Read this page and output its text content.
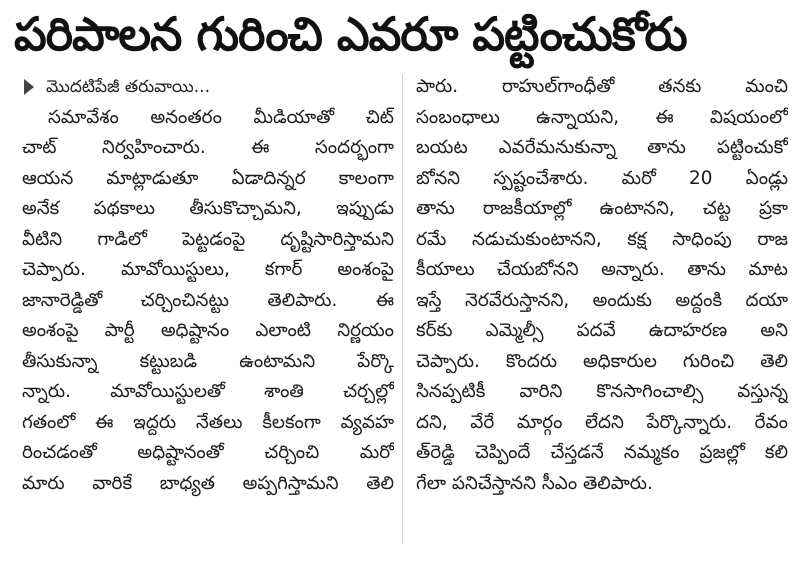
పరిపాలన గురించి ఎవరూ పట్టించుకోరు
మొదటిపేజీ తరువాయి...
సమావేశం అనంతరం మీడియాతో చిట్
చాట్ నిర్వహించారు. ఈ సందర్భంగా
ఆయన మాట్లాడుతూ ఏడాదిన్నర కాలంగా
అనేక పథకాలు తీసుకొచ్చామని, ఇప్పుడు
వీటిని గాడిలో పెట్టడంపై దృష్టిసారిస్తామని
చెప్పారు. మావోయిస్టులు, కగార్ అంశంపై
జానారెడ్డితో చర్చించినట్టు తెలిపారు. ఈ
అంశంపై పార్టీ అధిష్టానం ఎలాంటి నిర్ణయం
తీసుకున్నా కట్టుబడి ఉంటామని పేర్కొ
న్నారు. మావోయిస్టులతో శాంతి చర్చల్లో
గతంలో ఈ ఇద్దరు నేతలు కీలకంగా వ్యవహ
రించడంతో అధిష్టానంతో చర్చించి మరో
మారు వారికే బాధ్యత అప్పగిస్తామని తెలి
పారు. రాహుల్‌గాంధీతో తనకు మంచి
సంబంధాలు ఉన్నాయని, ఈ విషయంలో
బయట ఎవరేమనుకున్నా తాను పట్టించుకో
బోనని స్పష్టంచేశారు. మరో 20 ఏండ్లు
తాను రాజకీయాల్లో ఉంటానని, చట్ట ప్రకా
రమే నడుచుకుంటానని, కక్ష సాధింపు రాజ
కీయాలు చేయబోనని అన్నారు. తాను మాట
ఇస్తే నెరవేరుస్తానని, అందుకు అద్దంకి దయా
కర్‌కు ఎమ్మెల్సీ పదవే ఉదాహరణ అని
చెప్పారు. కొందరు అధికారుల గురించి తెలి
సినప్పటికీ వారిని కొనసాగించాల్సి వస్తున్న
దని, వేరే మార్గం లేదని పేర్కొన్నారు. రేవం
త్‌రెడ్డి చెప్పిందే చేస్తడనే నమ్మకం ప్రజల్లో కలి
గేలా పనిచేస్తానని సీఎం తెలిపారు.
